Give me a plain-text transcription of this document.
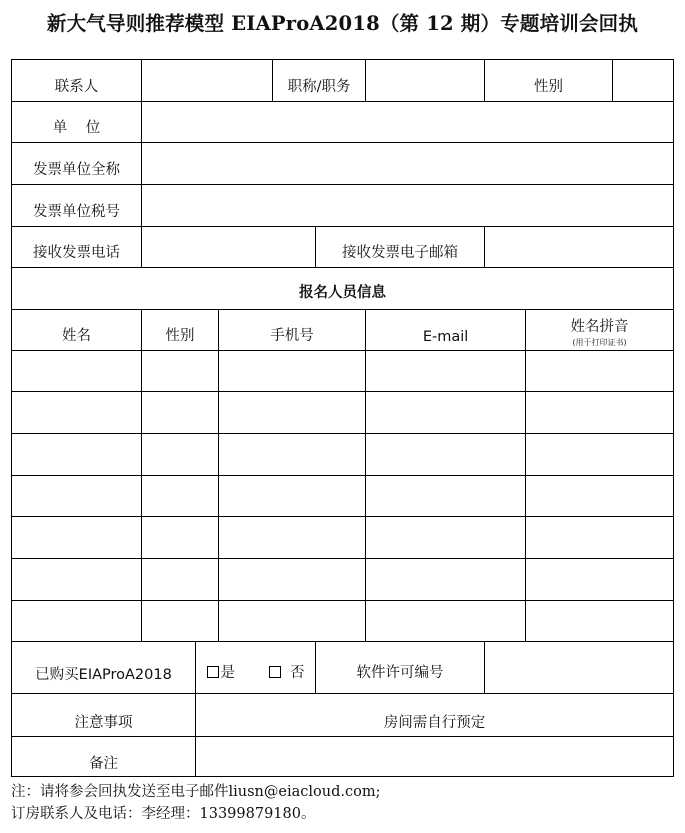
新大气导则推荐模型 EIAProA2018（第 12 期）专题培训会回执
联系人				职称/职务			性别		
单    位									
发票单位全称									
发票单位税号									
接收发票电话					接收发票电子邮箱				
报名人员信息									
姓名	性别		手机号			E-mail		姓名拼音
(用于打印证书)	

已购买EIAProA2018		是 否			软件许可编号				
注意事项		房间需自行预定							
备注									
注：请将参会回执发送至电子邮件liusn@eiacloud.com;
订房联系人及电话：李经理：13399879180。
